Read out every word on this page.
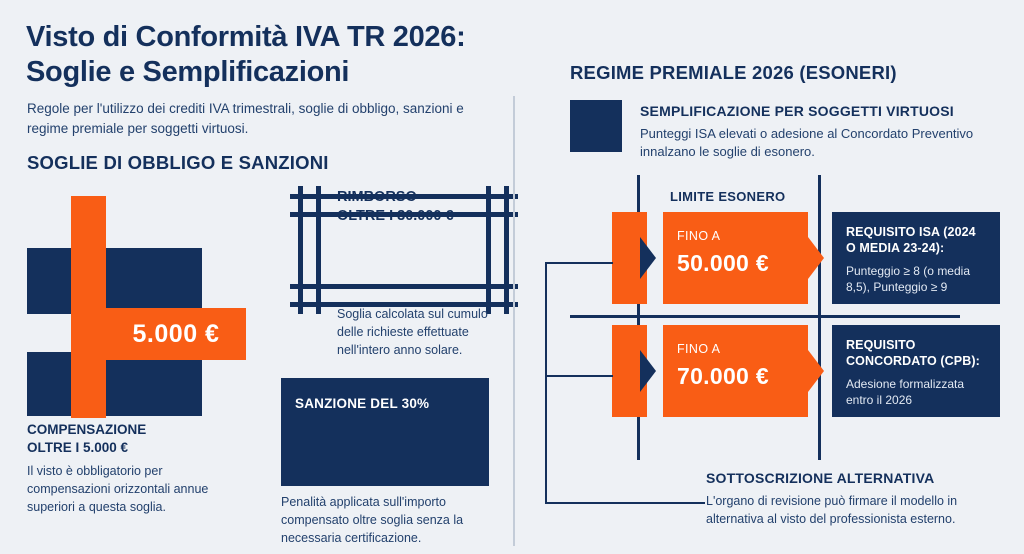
Visto di Conformità IVA TR 2026:
Soglie e Semplificazioni
Regole per l'utilizzo dei crediti IVA trimestrali, soglie di obbligo, sanzioni e regime premiale per soggetti virtuosi.
SOGLIE DI OBBLIGO E SANZIONI
5.000 €
COMPENSAZIONE
OLTRE I 5.000 €
Il visto è obbligatorio per compensazioni orizzontali annue superiori a questa soglia.
RIMBORSO
OLTRE I 30.000 €
Soglia calcolata sul cumulo delle richieste effettuate nell'intero anno solare.
SANZIONE DEL 30%
Penalità applicata sull'importo compensato oltre soglia senza la necessaria certificazione.
REGIME PREMIALE 2026 (ESONERI)
SEMPLIFICAZIONE PER SOGGETTI VIRTUOSI
Punteggi ISA elevati o adesione al Concordato Preventivo innalzano le soglie di esonero.
LIMITE ESONERO
FINO A
50.000 €
FINO A
70.000 €
REQUISITO ISA (2024 O MEDIA 23-24):
Punteggio ≥ 8 (o media 8,5), Punteggio ≥ 9
REQUISITO CONCORDATO (CPB):
Adesione formalizzata entro il 2026
SOTTOSCRIZIONE ALTERNATIVA
L'organo di revisione può firmare il modello in alternativa al visto del professionista esterno.
